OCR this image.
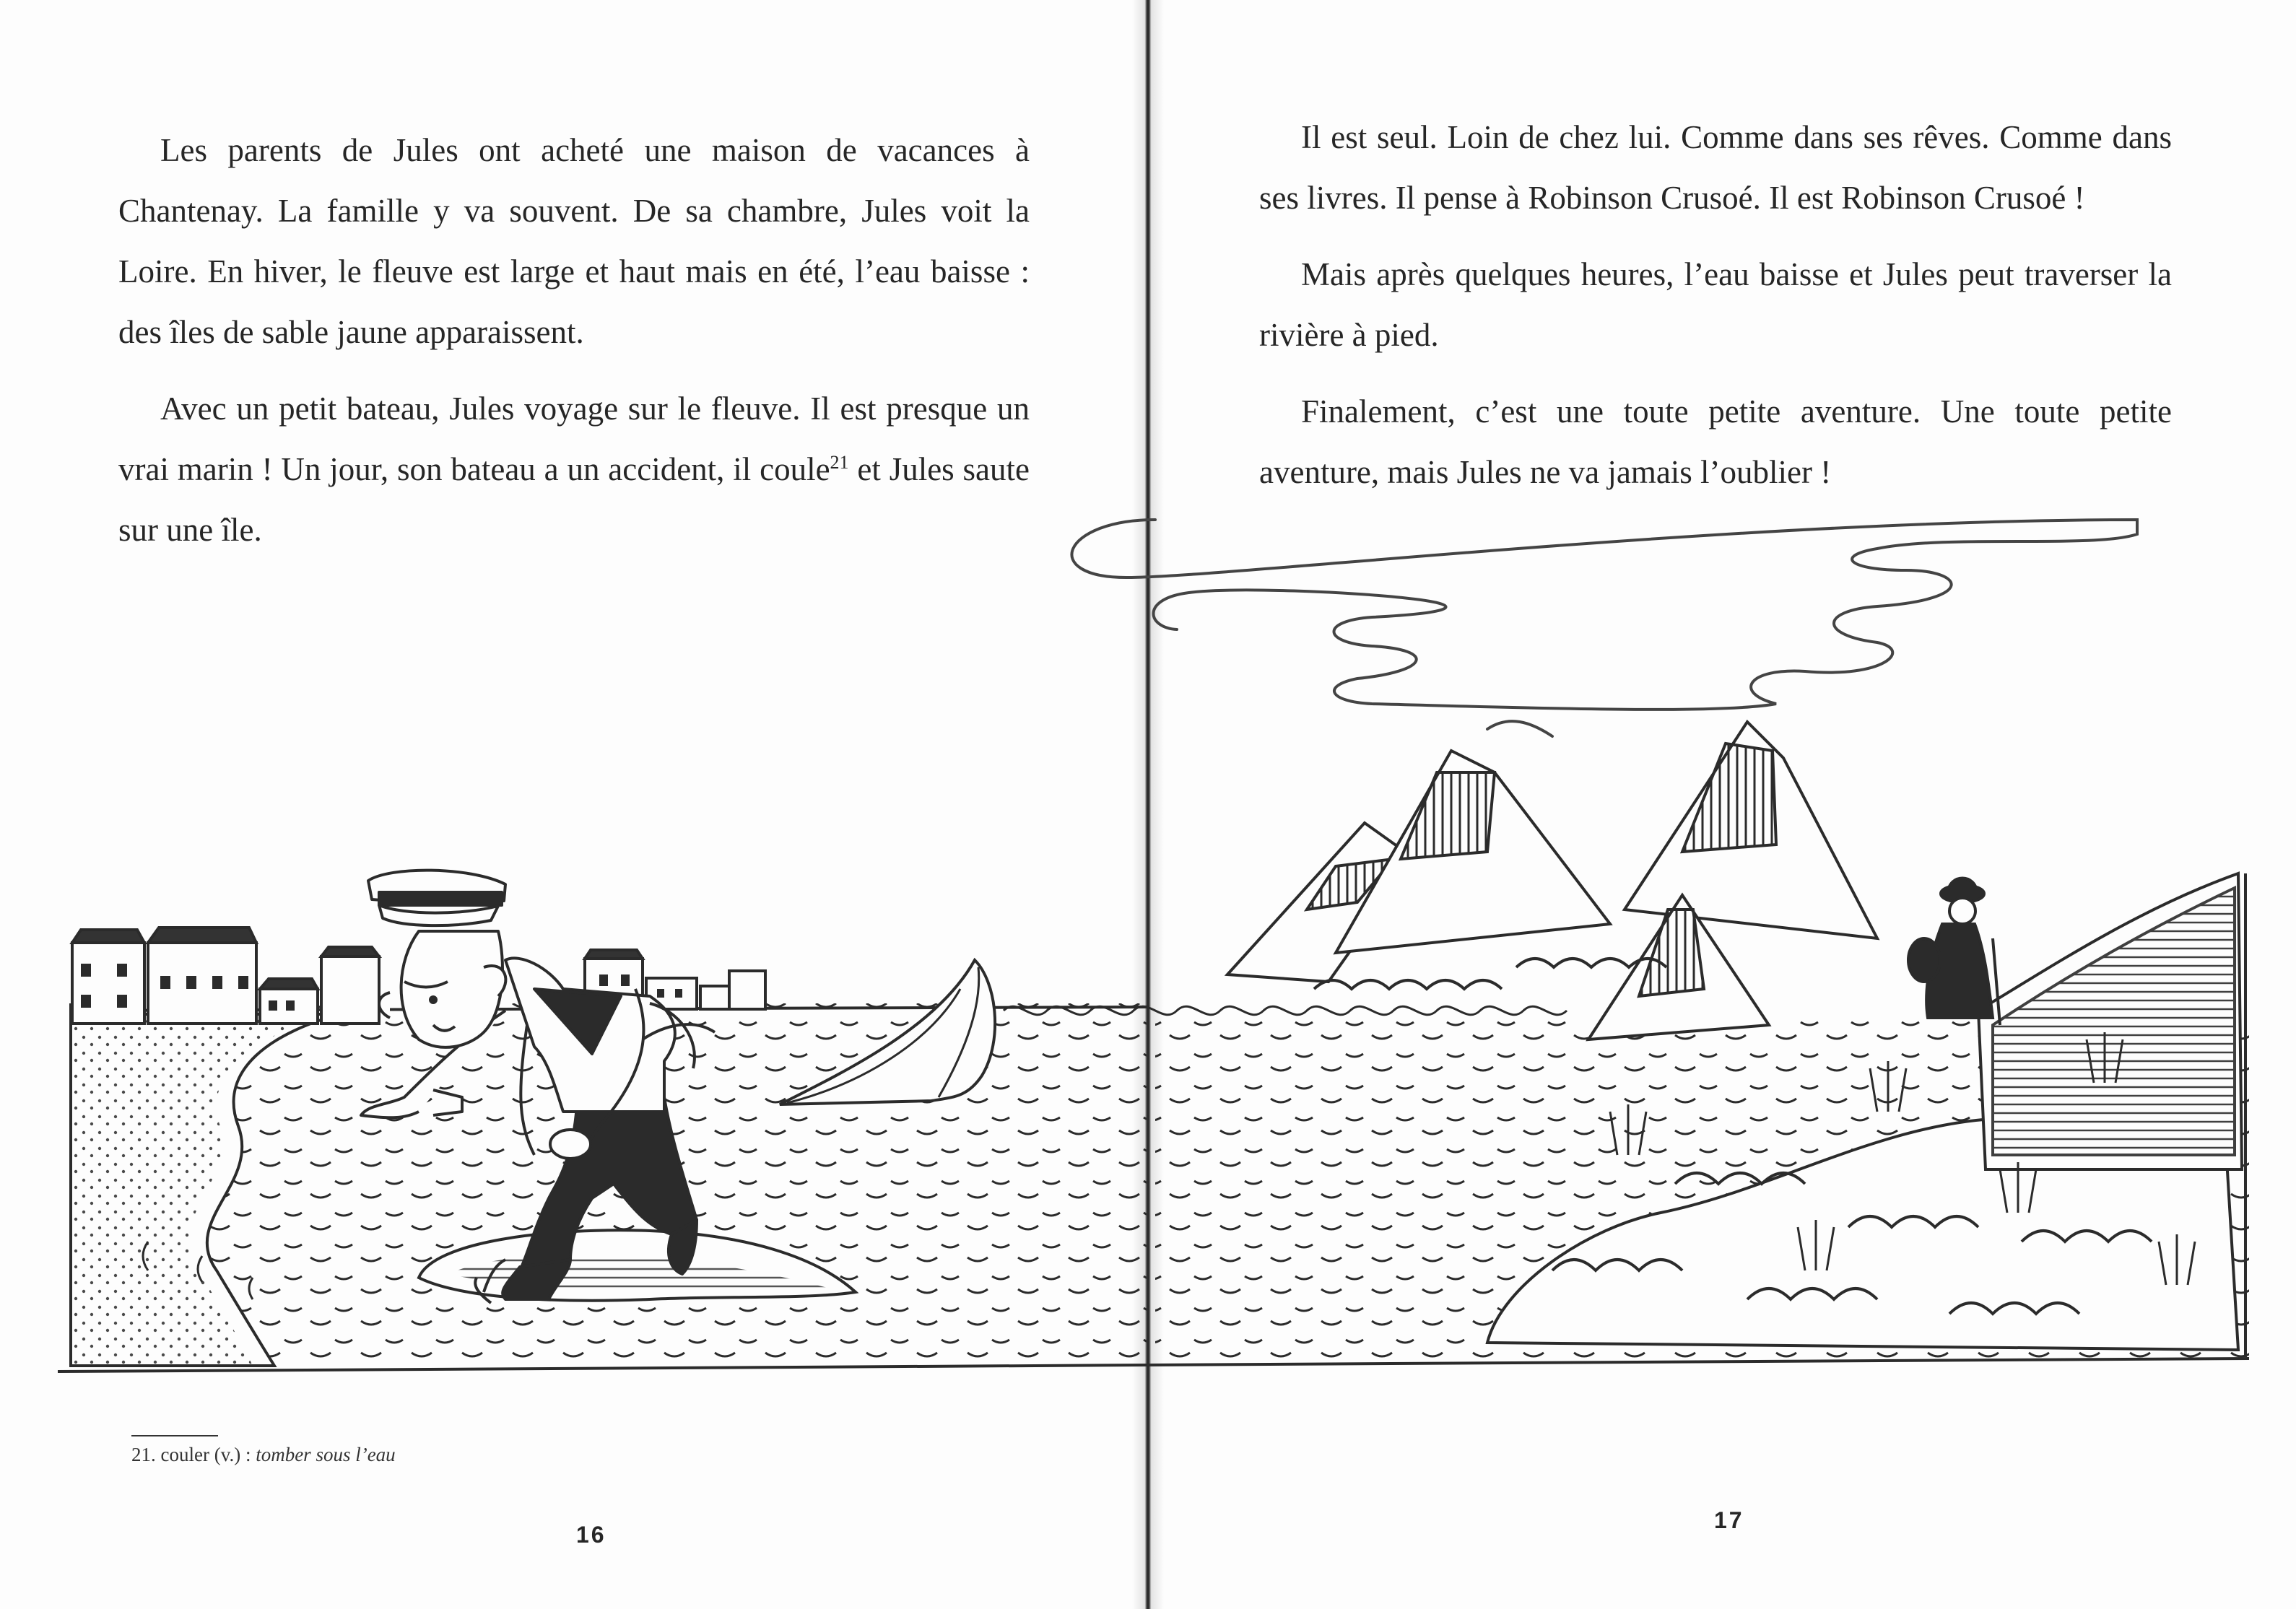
Les parents de Jules ont acheté une maison de vacances à Chantenay. La famille y va souvent. De sa chambre, Jules voit la Loire. En hiver, le fleuve est large et haut mais en été, l’eau baisse : des îles de sable jaune apparaissent.

Avec un petit bateau, Jules voyage sur le fleuve. Il est presque un vrai marin ! Un jour, son bateau a un accident, il coule$^{21}$ et Jules saute sur une île.

21. couler (v.) : tomber sous l’eau
16

Il est seul. Loin de chez lui. Comme dans ses rêves. Comme dans ses livres. Il pense à Robinson Crusoé. Il est Robinson Crusoé !

Mais après quelques heures, l’eau baisse et Jules peut traverser la rivière à pied.

Finalement, c’est une toute petite aventure. Une toute petite aventure, mais Jules ne va jamais l’oublier !

17
